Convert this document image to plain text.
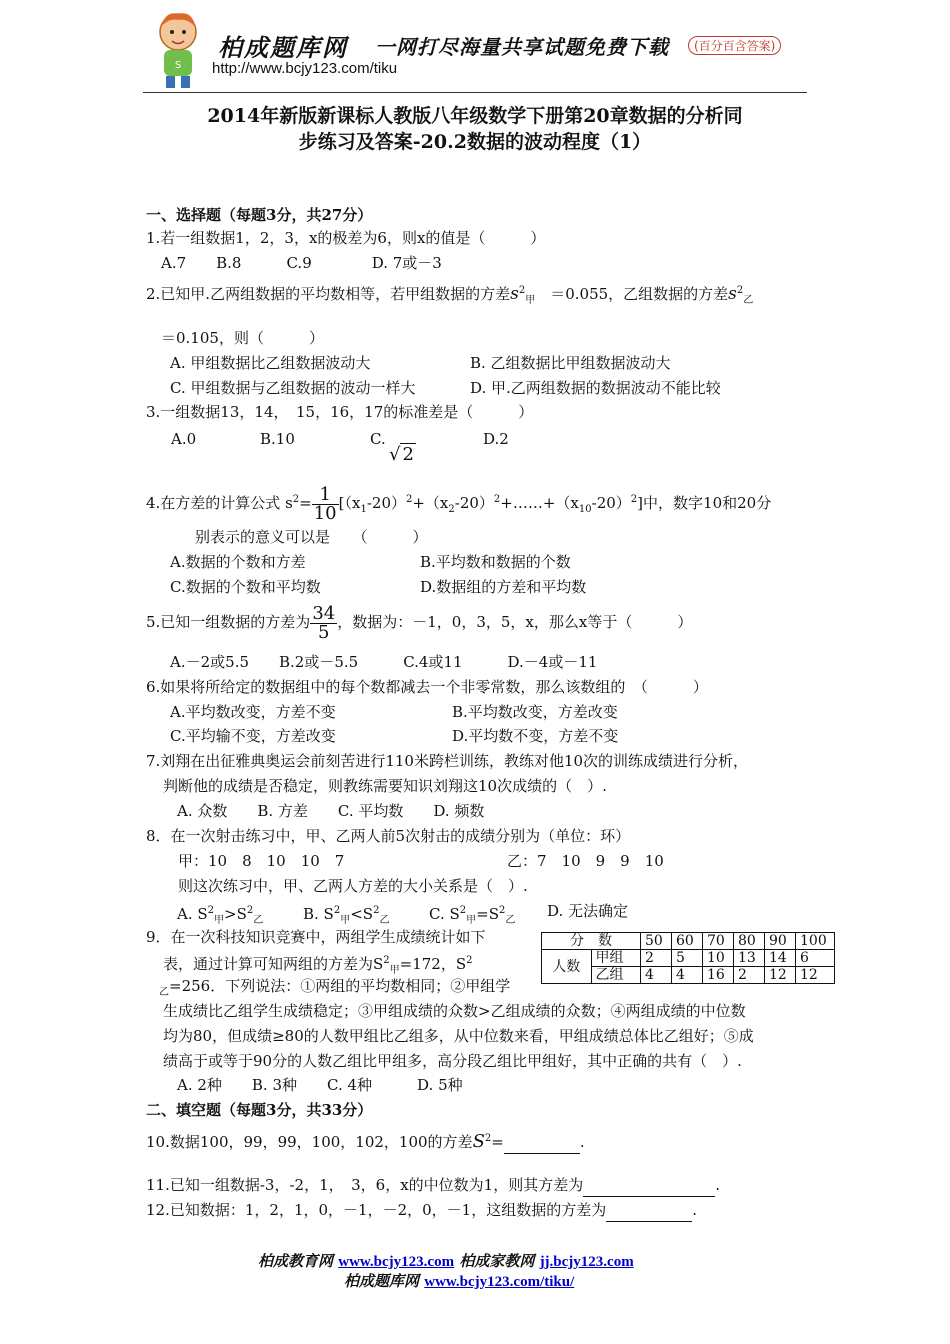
S
柏成题库网 一网打尽海量共享试题免费下载	(百分百含答案)
http://www.bcjy123.com/tiku
2014年新版新课标人教版八年级数学下册第20章数据的分析同
步练习及答案-20.2数据的波动程度（1）
一、选择题（每题3分，共27分）
1.若一组数据1，2，3，x的极差为6，则x的值是（　　　）
A.7　　B.8　　　C.9　　　　D. 7或－3
2.已知甲.乙两组数据的平均数相等，若甲组数据的方差$s^2_甲$　 ＝0.055，乙组数据的方差$s^2_乙$
＝0.105，则（　　　）
A. 甲组数据比乙组数据波动大	B. 乙组数据比甲组数据波动大
C. 甲组数据与乙组数据的波动一样大	D. 甲.乙两组数据的数据波动不能比较
3.一组数据13，14，　15，16，17的标准差是（　　　）
A.0	B.10	C.
√ 2
D.2
4.在方差的计算公式 $s^2= \frac{1}{10}$ $[(x_1-20)^2+(x_2-20)^2+\dots\dots+(x_{10}-20)^2]$中，数字10和20分
别表示的意义可以是　　（　　　）
A.数据的个数和方差	B.平均数和数据的个数
C.数据的个数和平均数	D.数据组的方差和平均数
5.已知一组数据的方差为 $\frac{34}{5}$ ，数据为：－1，0，3，5，x，那么x等于（　　　）
A.－2或5.5　　B.2或－5.5　　　C.4或11　　　D.－4或－11
6.如果将所给定的数据组中的每个数都减去一个非零常数，那么该数组的　（　　　）
A.平均数改变，方差不变	B.平均数改变，方差改变
C.平均输不变，方差改变	D.平均数不变，方差不变
7.刘翔在出征雅典奥运会前刻苦进行110米跨栏训练，教练对他10次的训练成绩进行分析，
判断他的成绩是否稳定，则教练需要知识刘翔这10次成绩的（　）.
A. 众数　　B. 方差　　C. 平均数　　D. 频数
8．在一次射击练习中，甲、乙两人前5次射击的成绩分别为（单位：环）
甲：10　8　10　10　7	乙：7　10　9　9　10
则这次练习中，甲、乙两人方差的大小关系是（　）.
A. $S^2_甲>S^2_乙$	B. $S^2_甲<S^2_乙$	C. $S^2_甲=S^2_乙$
D. 无法确定
9．在一次科技知识竞赛中，两组学生成绩统计如下
表，通过计算可知两组的方差为$S^2_甲=172$，$S^2$
$_乙$=256．下列说法：①两组的平均数相同；②甲组学
生成绩比乙组学生成绩稳定；③甲组成绩的众数>乙组成绩的众数；④两组成绩的中位数
均为80，但成绩≥80的人数甲组比乙组多，从中位数来看，甲组成绩总体比乙组好；⑤成
绩高于或等于90分的人数乙组比甲组多，高分段乙组比甲组好，其中正确的共有（　）.
A. 2种　　B. 3种　　C. 4种　　　D. 5种
分　数		50	60	70	80	90	100
人数	甲组	2	5	10	13	14	6
	乙组	4	4	16	2	12	12
二、填空题（每题3分，共33分）
10.数据100，99，99，100，102，100的方差$S^2=$	.
11.已知一组数据-3，-2，1，　3，6，x的中位数为1，则其方差为	.
12.已知数据：1，2，1，0，－1，－2，0，－1，这组数据的方差为	.
柏成教育网 www.bcjy123.com 柏成家教网 jj.bcjy123.com
柏成题库网 www.bcjy123.com/tiku/
